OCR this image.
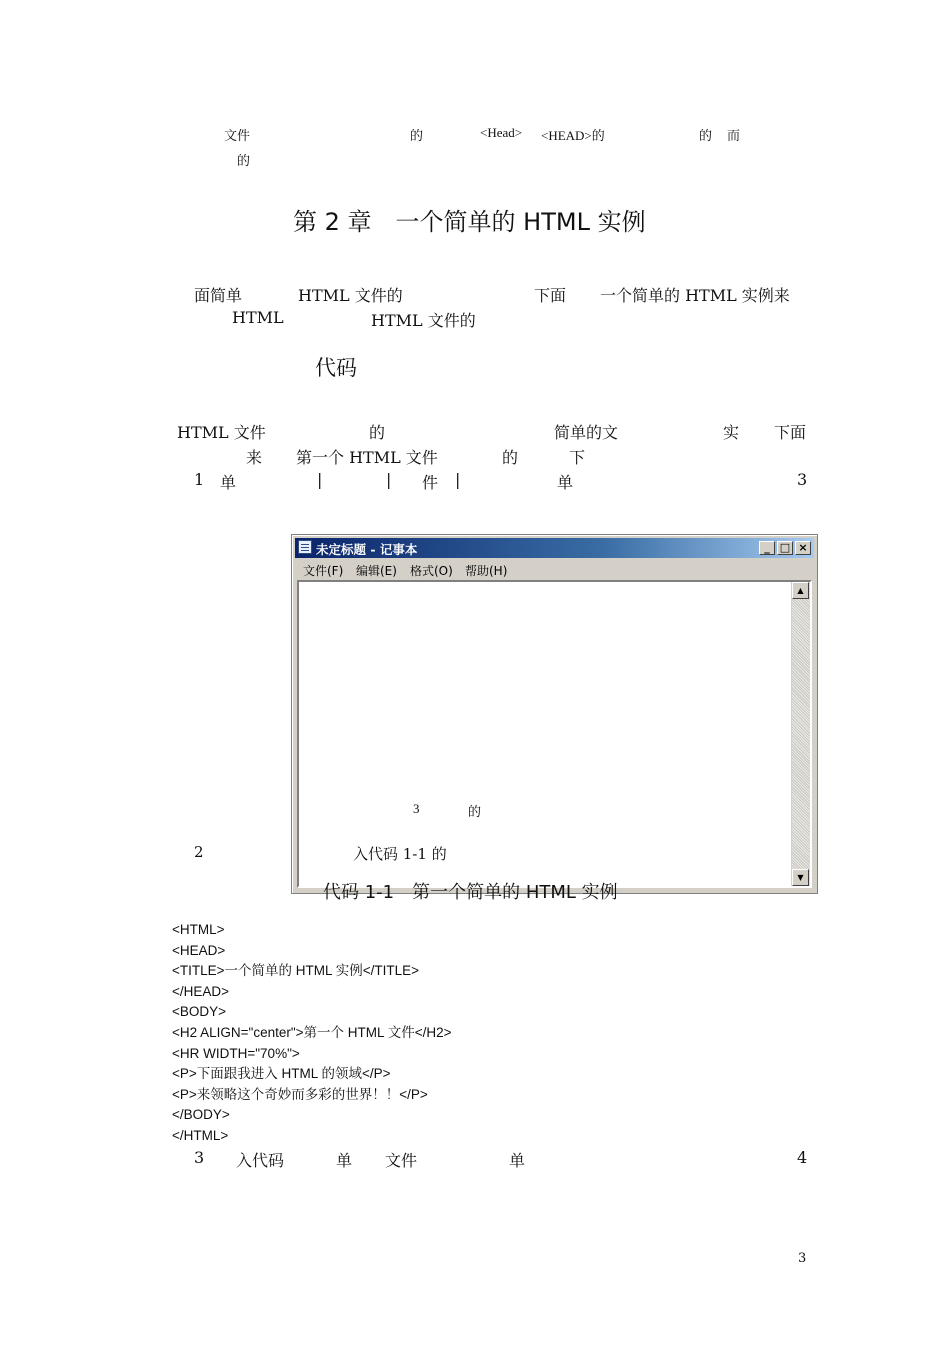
文件	的	<Head> <HEAD>的	的 而
的
第 2 章　一个简单的 HTML 实例
面简单	HTML 文件的	下面 一个简单的 HTML 实例来
HTML	HTML 文件的
代码
HTML 文件	的	简单的文	实 下面
来 第一个 HTML 文件	的	下
1 单	|	| 件 |	单	3
未定标题 - 记事本	_ □ ×
文件(F) 编辑(E) 格式(O) 帮助(H)
▲
▼
3	的
2	入代码 1-1 的
代码 1-1　第一个简单的 HTML 实例
<HTML>
<HEAD>
<TITLE>一个简单的 HTML 实例</TITLE>
</HEAD>
<BODY>
<H2 ALIGN="center">第一个 HTML 文件</H2>
<HR WIDTH="70%">
<P>下面跟我进入 HTML 的领域</P>
<P>来领略这个奇妙而多彩的世界！！</P>
</BODY>
</HTML>
3 入代码	单 文件	单	4
3
